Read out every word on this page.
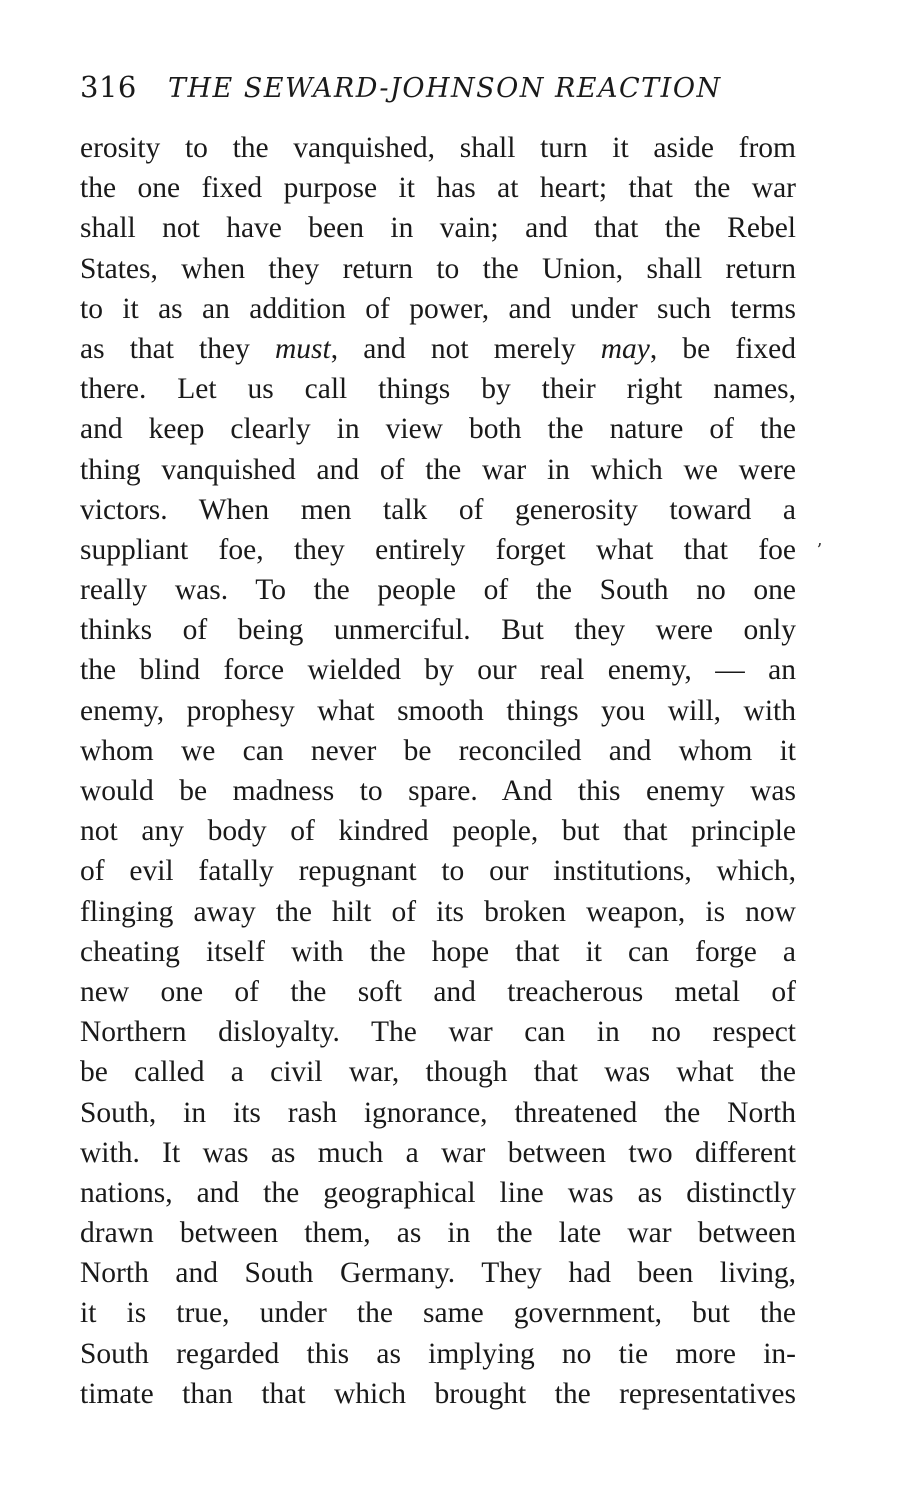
316 THE SEWARD-JOHNSON REACTION
erosity to the vanquished, shall turn it aside from
the one fixed purpose it has at heart; that the war
shall not have been in vain; and that the Rebel
States, when they return to the Union, shall return
to it as an addition of power, and under such terms
as that they must, and not merely may, be fixed
there. Let us call things by their right names,
and keep clearly in view both the nature of the
thing vanquished and of the war in which we were
victors. When men talk of generosity toward a
suppliant foe, they entirely forget what that foe
really was. To the people of the South no one
thinks of being unmerciful. But they were only
the blind force wielded by our real enemy, — an
enemy, prophesy what smooth things you will, with
whom we can never be reconciled and whom it
would be madness to spare. And this enemy was
not any body of kindred people, but that principle
of evil fatally repugnant to our institutions, which,
flinging away the hilt of its broken weapon, is now
cheating itself with the hope that it can forge a
new one of the soft and treacherous metal of
Northern disloyalty. The war can in no respect
be called a civil war, though that was what the
South, in its rash ignorance, threatened the North
with. It was as much a war between two different
nations, and the geographical line was as distinctly
drawn between them, as in the late war between
North and South Germany. They had been living,
it is true, under the same government, but the
South regarded this as implying no tie more in-
timate than that which brought the representatives
ʼ
